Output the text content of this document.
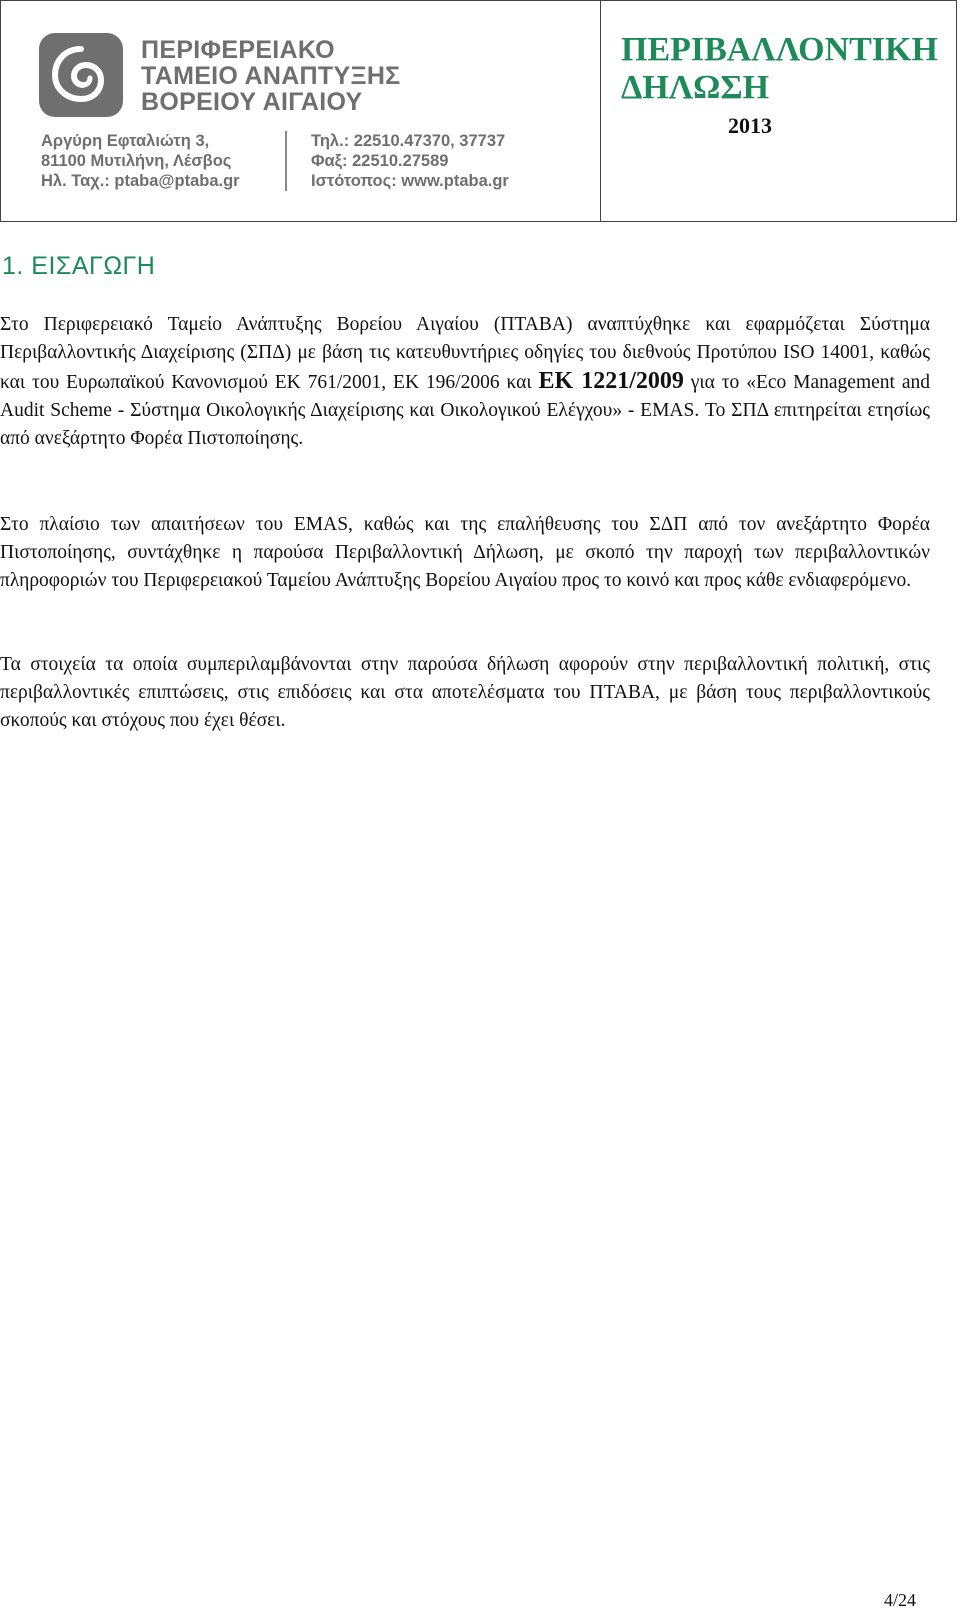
ΠΕΡΙΦΕΡΕΙΑΚΟ
ΤΑΜΕΙΟ ΑΝΑΠΤΥΞΗΣ
ΒΟΡΕΙΟΥ ΑΙΓΑΙΟΥ
Αργύρη Εφταλιώτη 3,
81100 Μυτιλήνη, Λέσβος
Ηλ. Ταχ.: ptaba@ptaba.gr
Τηλ.: 22510.47370, 37737
Φαξ: 22510.27589
Ιστότοπος: www.ptaba.gr
ΠΕΡΙΒΑΛΛΟΝΤΙΚΗ
ΔΗΛΩΣΗ
2013
1. ΕΙΣΑΓΩΓΗ
Στο Περιφερειακό Ταμείο Ανάπτυξης Βορείου Αιγαίου (ΠΤΑΒΑ) αναπτύχθηκε και εφαρμόζεται Σύστημα Περιβαλλοντικής Διαχείρισης (ΣΠΔ) με βάση τις κατευθυντήριες οδηγίες του διεθνούς Προτύπου ISO 14001, καθώς και του Ευρωπαϊκού Κανονισμού ΕΚ 761/2001, ΕΚ 196/2006 και ΕΚ 1221/2009 για το «Eco Management and Audit Scheme - Σύστημα Οικολογικής Διαχείρισης και Οικολογικού Ελέγχου» - EMAS. Το ΣΠΔ επιτηρείται ετησίως από ανεξάρτητο Φορέα Πιστοποίησης.
Στο πλαίσιο των απαιτήσεων του EMAS, καθώς και της επαλήθευσης του ΣΔΠ από τον ανεξάρτητο Φορέα Πιστοποίησης, συντάχθηκε η παρούσα Περιβαλλοντική Δήλωση, με σκοπό την παροχή των περιβαλλοντικών πληροφοριών του Περιφερειακού Ταμείου Ανάπτυξης Βορείου Αιγαίου προς το κοινό και προς κάθε ενδιαφερόμενο.
Τα στοιχεία τα οποία συμπεριλαμβάνονται στην παρούσα δήλωση αφορούν στην περιβαλλοντική πολιτική, στις περιβαλλοντικές επιπτώσεις, στις επιδόσεις και στα αποτελέσματα του ΠΤΑΒΑ, με βάση τους περιβαλλοντικούς σκοπούς και στόχους που έχει θέσει.
4/24
